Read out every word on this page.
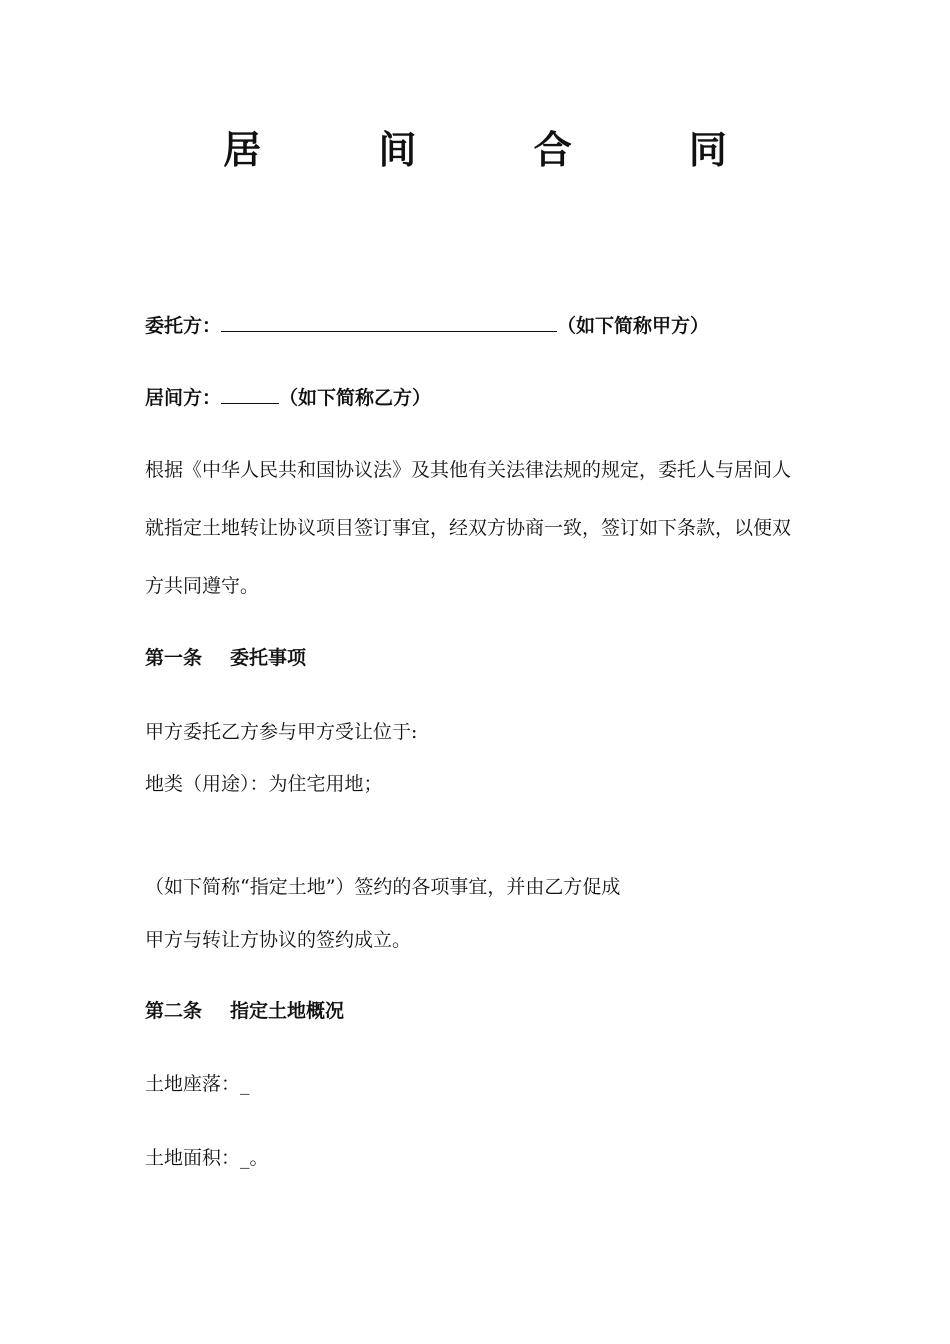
居 间 合 同
委托方：	（如下简称甲方）
居间方：	（如下简称乙方）
根据《中华人民共和国协议法》及其他有关法律法规的规定，委托人与居间人
就指定土地转让协议项目签订事宜，经双方协商一致，签订如下条款，以便双
方共同遵守。
第一条 委托事项
甲方委托乙方参与甲方受让位于:
地类（用途）：为住宅用地；
（如下简称“指定土地”）签约的各项事宜，并由乙方促成
甲方与转让方协议的签约成立。
第二条 指定土地概况
土地座落：_
土地面积：_。
